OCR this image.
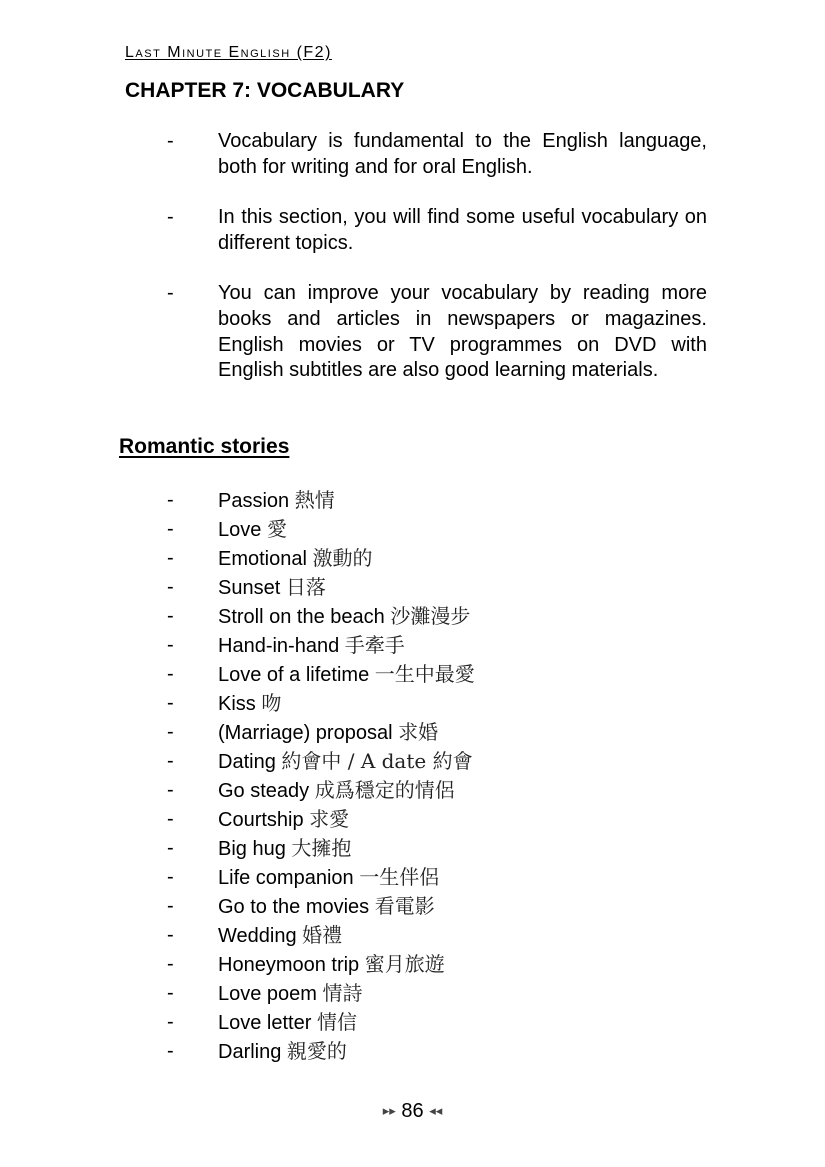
Last Minute English (F2)
CHAPTER 7: VOCABULARY
- Vocabulary is fundamental to the English language, both for writing and for oral English.
- In this section, you will find some useful vocabulary on different topics.
- You can improve your vocabulary by reading more books and articles in newspapers or magazines. English movies or TV programmes on DVD with English subtitles are also good learning materials.
Romantic stories
- Passion 熱情
- Love 愛
- Emotional 激動的
- Sunset 日落
- Stroll on the beach 沙灘漫步
- Hand-in-hand 手牽手
- Love of a lifetime 一生中最愛
- Kiss 吻
- (Marriage) proposal 求婚
- Dating 約會中 / A date 約會
- Go steady 成爲穩定的情侶
- Courtship 求愛
- Big hug 大擁抱
- Life companion 一生伴侶
- Go to the movies 看電影
- Wedding 婚禮
- Honeymoon trip 蜜月旅遊
- Love poem 情詩
- Love letter 情信
- Darling 親愛的
▸▸ 86 ◂◂
